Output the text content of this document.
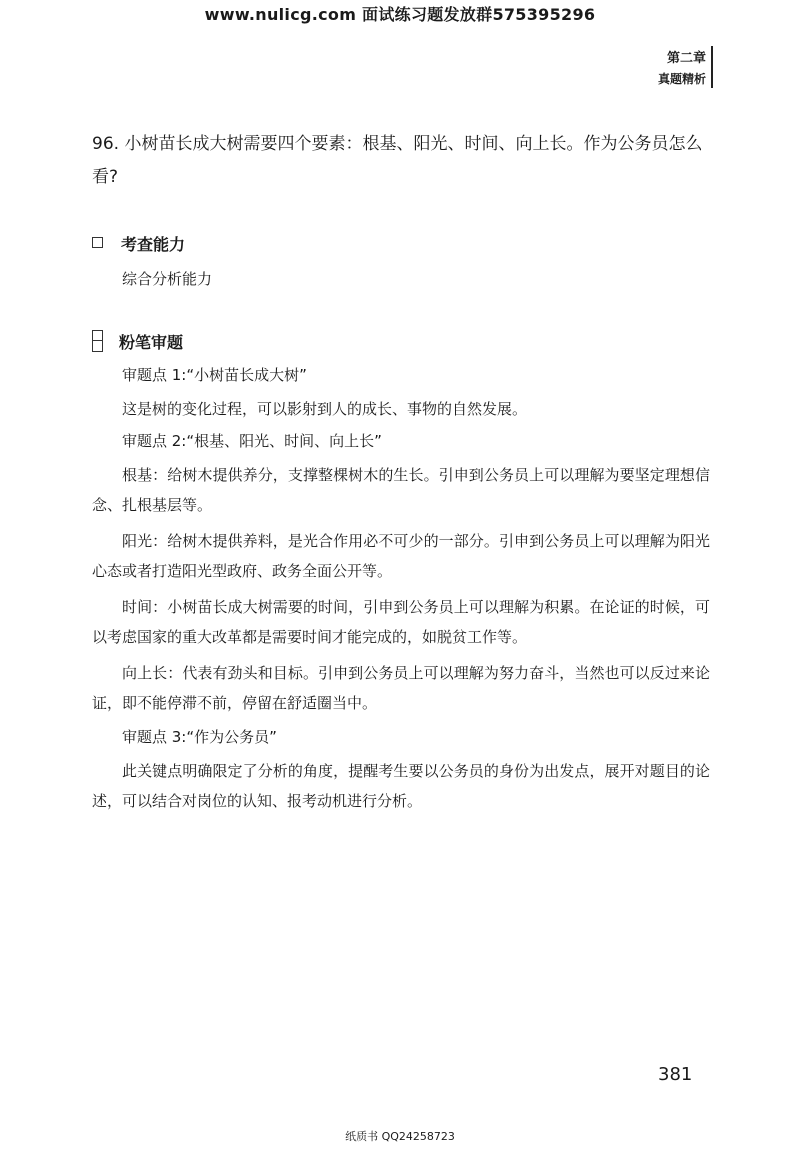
www.nulicg.com 面试练习题发放群575395296
第二章
真题精析
96. 小树苗长成大树需要四个要素：根基、阳光、时间、向上长。作为公务员怎么看?
考查能力
综合分析能力
粉笔审题
审题点 1:“小树苗长成大树”
这是树的变化过程，可以影射到人的成长、事物的自然发展。
审题点 2:“根基、阳光、时间、向上长”
根基：给树木提供养分，支撑整棵树木的生长。引申到公务员上可以理解为要坚定理想信念、扎根基层等。
阳光：给树木提供养料，是光合作用必不可少的一部分。引申到公务员上可以理解为阳光心态或者打造阳光型政府、政务全面公开等。
时间：小树苗长成大树需要的时间，引申到公务员上可以理解为积累。在论证的时候，可以考虑国家的重大改革都是需要时间才能完成的，如脱贫工作等。
向上长：代表有劲头和目标。引申到公务员上可以理解为努力奋斗，当然也可以反过来论证，即不能停滞不前，停留在舒适圈当中。
审题点 3:“作为公务员”
此关键点明确限定了分析的角度，提醒考生要以公务员的身份为出发点，展开对题目的论述，可以结合对岗位的认知、报考动机进行分析。
381
纸质书 QQ24258723
